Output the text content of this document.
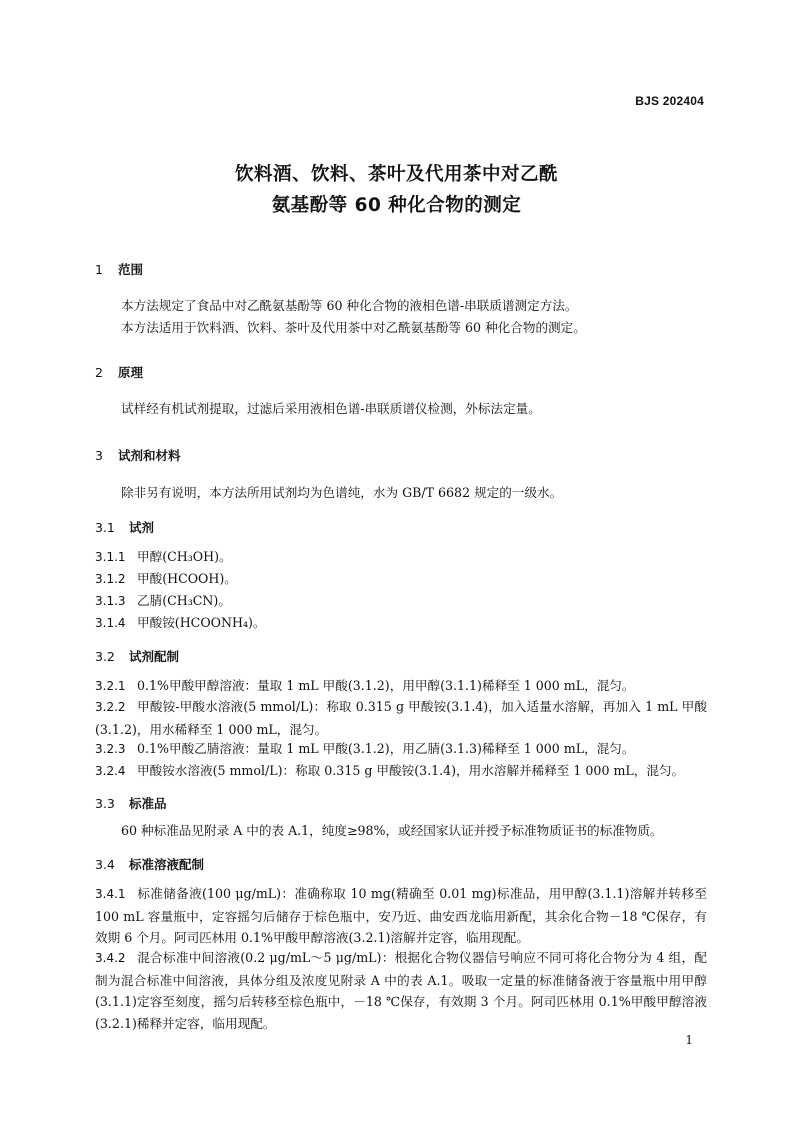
BJS 202404
饮料酒、饮料、茶叶及代用茶中对乙酰
氨基酚等 60 种化合物的测定
1 范围
本方法规定了食品中对乙酰氨基酚等 60 种化合物的液相色谱-串联质谱测定方法。
本方法适用于饮料酒、饮料、茶叶及代用茶中对乙酰氨基酚等 60 种化合物的测定。
2 原理
试样经有机试剂提取，过滤后采用液相色谱-串联质谱仪检测，外标法定量。
3 试剂和材料
除非另有说明，本方法所用试剂均为色谱纯，水为 GB/T 6682 规定的一级水。
3.1 试剂
3.1.1 甲醇(CH₃OH)。
3.1.2 甲酸(HCOOH)。
3.1.3 乙腈(CH₃CN)。
3.1.4 甲酸铵(HCOONH₄)。
3.2 试剂配制
3.2.1 0.1%甲酸甲醇溶液：量取 1 mL 甲酸(3.1.2)，用甲醇(3.1.1)稀释至 1 000 mL，混匀。
3.2.2 甲酸铵-甲酸水溶液(5 mmol/L)：称取 0.315 g 甲酸铵(3.1.4)，加入适量水溶解，再加入 1 mL 甲酸(3.1.2)，用水稀释至 1 000 mL，混匀。
3.2.3 0.1%甲酸乙腈溶液：量取 1 mL 甲酸(3.1.2)，用乙腈(3.1.3)稀释至 1 000 mL，混匀。
3.2.4 甲酸铵水溶液(5 mmol/L)：称取 0.315 g 甲酸铵(3.1.4)，用水溶解并稀释至 1 000 mL，混匀。
3.3 标准品
60 种标准品见附录 A 中的表 A.1，纯度≥98%，或经国家认证并授予标准物质证书的标准物质。
3.4 标准溶液配制
3.4.1 标准储备液(100 μg/mL)：准确称取 10 mg(精确至 0.01 mg)标准品，用甲醇(3.1.1)溶解并转移至 100 mL 容量瓶中，定容摇匀后储存于棕色瓶中，安乃近、曲安西龙临用新配，其余化合物－18 ℃保存，有效期 6 个月。阿司匹林用 0.1%甲酸甲醇溶液(3.2.1)溶解并定容，临用现配。
3.4.2 混合标准中间溶液(0.2 μg/mL～5 μg/mL)：根据化合物仪器信号响应不同可将化合物分为 4 组，配制为混合标准中间溶液，具体分组及浓度见附录 A 中的表 A.1。吸取一定量的标准储备液于容量瓶中用甲醇(3.1.1)定容至刻度，摇匀后转移至棕色瓶中，－18 ℃保存，有效期 3 个月。阿司匹林用 0.1%甲酸甲醇溶液(3.2.1)稀释并定容，临用现配。
1
